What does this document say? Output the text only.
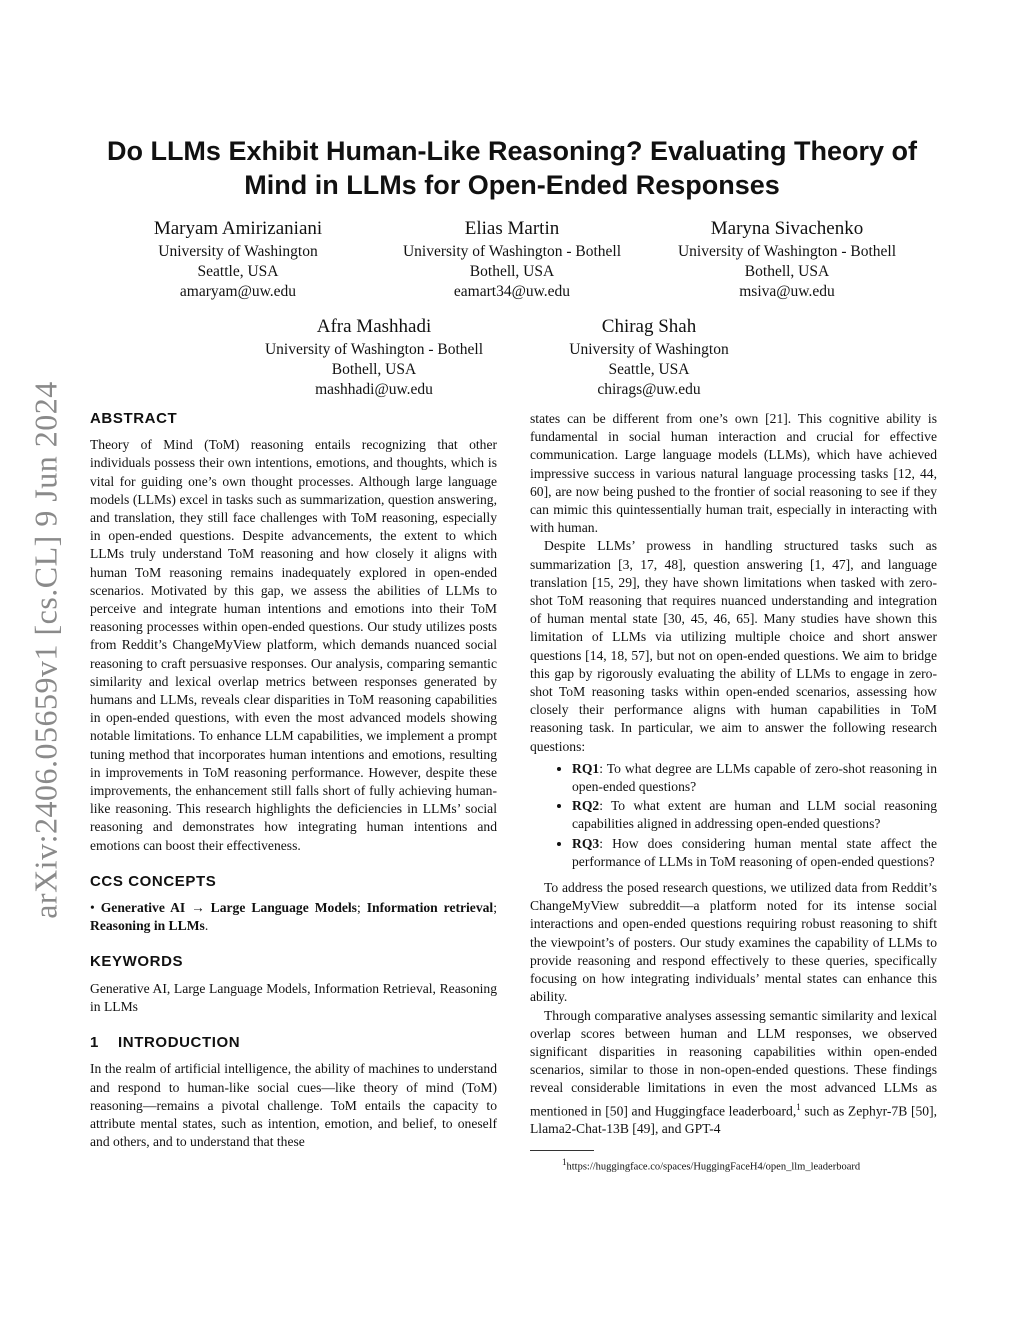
arXiv:2406.05659v1 [cs.CL] 9 Jun 2024
Do LLMs Exhibit Human-Like Reasoning? Evaluating Theory of Mind in LLMs for Open-Ended Responses
Maryam Amirizaniani
University of Washington
Seattle, USA
amaryam@uw.edu
Elias Martin
University of Washington - Bothell
Bothell, USA
eamart34@uw.edu
Maryna Sivachenko
University of Washington - Bothell
Bothell, USA
msiva@uw.edu
Afra Mashhadi
University of Washington - Bothell
Bothell, USA
mashhadi@uw.edu
Chirag Shah
University of Washington
Seattle, USA
chirags@uw.edu
ABSTRACT

Theory of Mind (ToM) reasoning entails recognizing that other individuals possess their own intentions, emotions, and thoughts, which is vital for guiding one’s own thought processes. Although large language models (LLMs) excel in tasks such as summarization, question answering, and translation, they still face challenges with ToM reasoning, especially in open-ended questions. Despite advancements, the extent to which LLMs truly understand ToM reasoning and how closely it aligns with human ToM reasoning remains inadequately explored in open-ended scenarios. Motivated by this gap, we assess the abilities of LLMs to perceive and integrate human intentions and emotions into their ToM reasoning processes within open-ended questions. Our study utilizes posts from Reddit’s ChangeMyView platform, which demands nuanced social reasoning to craft persuasive responses. Our analysis, comparing semantic similarity and lexical overlap metrics between responses generated by humans and LLMs, reveals clear disparities in ToM reasoning capabilities in open-ended questions, with even the most advanced models showing notable limitations. To enhance LLM capabilities, we implement a prompt tuning method that incorporates human intentions and emotions, resulting in improvements in ToM reasoning performance. However, despite these improvements, the enhancement still falls short of fully achieving human-like reasoning. This research highlights the deficiencies in LLMs’ social reasoning and demonstrates how integrating human intentions and emotions can boost their effectiveness.

CCS CONCEPTS

• Generative AI → Large Language Models; Information retrieval; Reasoning in LLMs.

KEYWORDS

Generative AI, Large Language Models, Information Retrieval, Reasoning in LLMs

1 INTRODUCTION

In the realm of artificial intelligence, the ability of machines to understand and respond to human-like social cues—like theory of mind (ToM) reasoning—remains a pivotal challenge. ToM entails the capacity to attribute mental states, such as intention, emotion, and belief, to oneself and others, and to understand that these

states can be different from one’s own [21]. This cognitive ability is fundamental in social human interaction and crucial for effective communication. Large language models (LLMs), which have achieved impressive success in various natural language processing tasks [12, 44, 60], are now being pushed to the frontier of social reasoning to see if they can mimic this quintessentially human trait, especially in interacting with with human.

Despite LLMs’ prowess in handling structured tasks such as summarization [3, 17, 48], question answering [1, 47], and language translation [15, 29], they have shown limitations when tasked with zero-shot ToM reasoning that requires nuanced understanding and integration of human mental state [30, 45, 46, 65]. Many studies have shown this limitation of LLMs via utilizing multiple choice and short answer questions [14, 18, 57], but not on open-ended questions. We aim to bridge this gap by rigorously evaluating the ability of LLMs to engage in zero-shot ToM reasoning tasks within open-ended scenarios, assessing how closely their performance aligns with human capabilities in ToM reasoning task. In particular, we aim to answer the following research questions:

• RQ1: To what degree are LLMs capable of zero-shot reasoning in open-ended questions?
• RQ2: To what extent are human and LLM social reasoning capabilities aligned in addressing open-ended questions?
• RQ3: How does considering human mental state affect the performance of LLMs in ToM reasoning of open-ended questions?

To address the posed research questions, we utilized data from Reddit’s ChangeMyView subreddit—a platform noted for its intense social interactions and open-ended questions requiring robust reasoning to shift the viewpoint’s of posters. Our study examines the capability of LLMs to provide reasoning and respond effectively to these queries, specifically focusing on how integrating individuals’ mental states can enhance this ability.

Through comparative analyses assessing semantic similarity and lexical overlap scores between human and LLM responses, we observed significant disparities in reasoning capabilities within open-ended scenarios, similar to those in non-open-ended questions. These findings reveal considerable limitations in even the most advanced LLMs as mentioned in [50] and Huggingface leaderboard,$^1$ such as Zephyr-7B [50], Llama2-Chat-13B [49], and GPT-4

$^1$https://huggingface.co/spaces/HuggingFaceH4/open_llm_leaderboard
